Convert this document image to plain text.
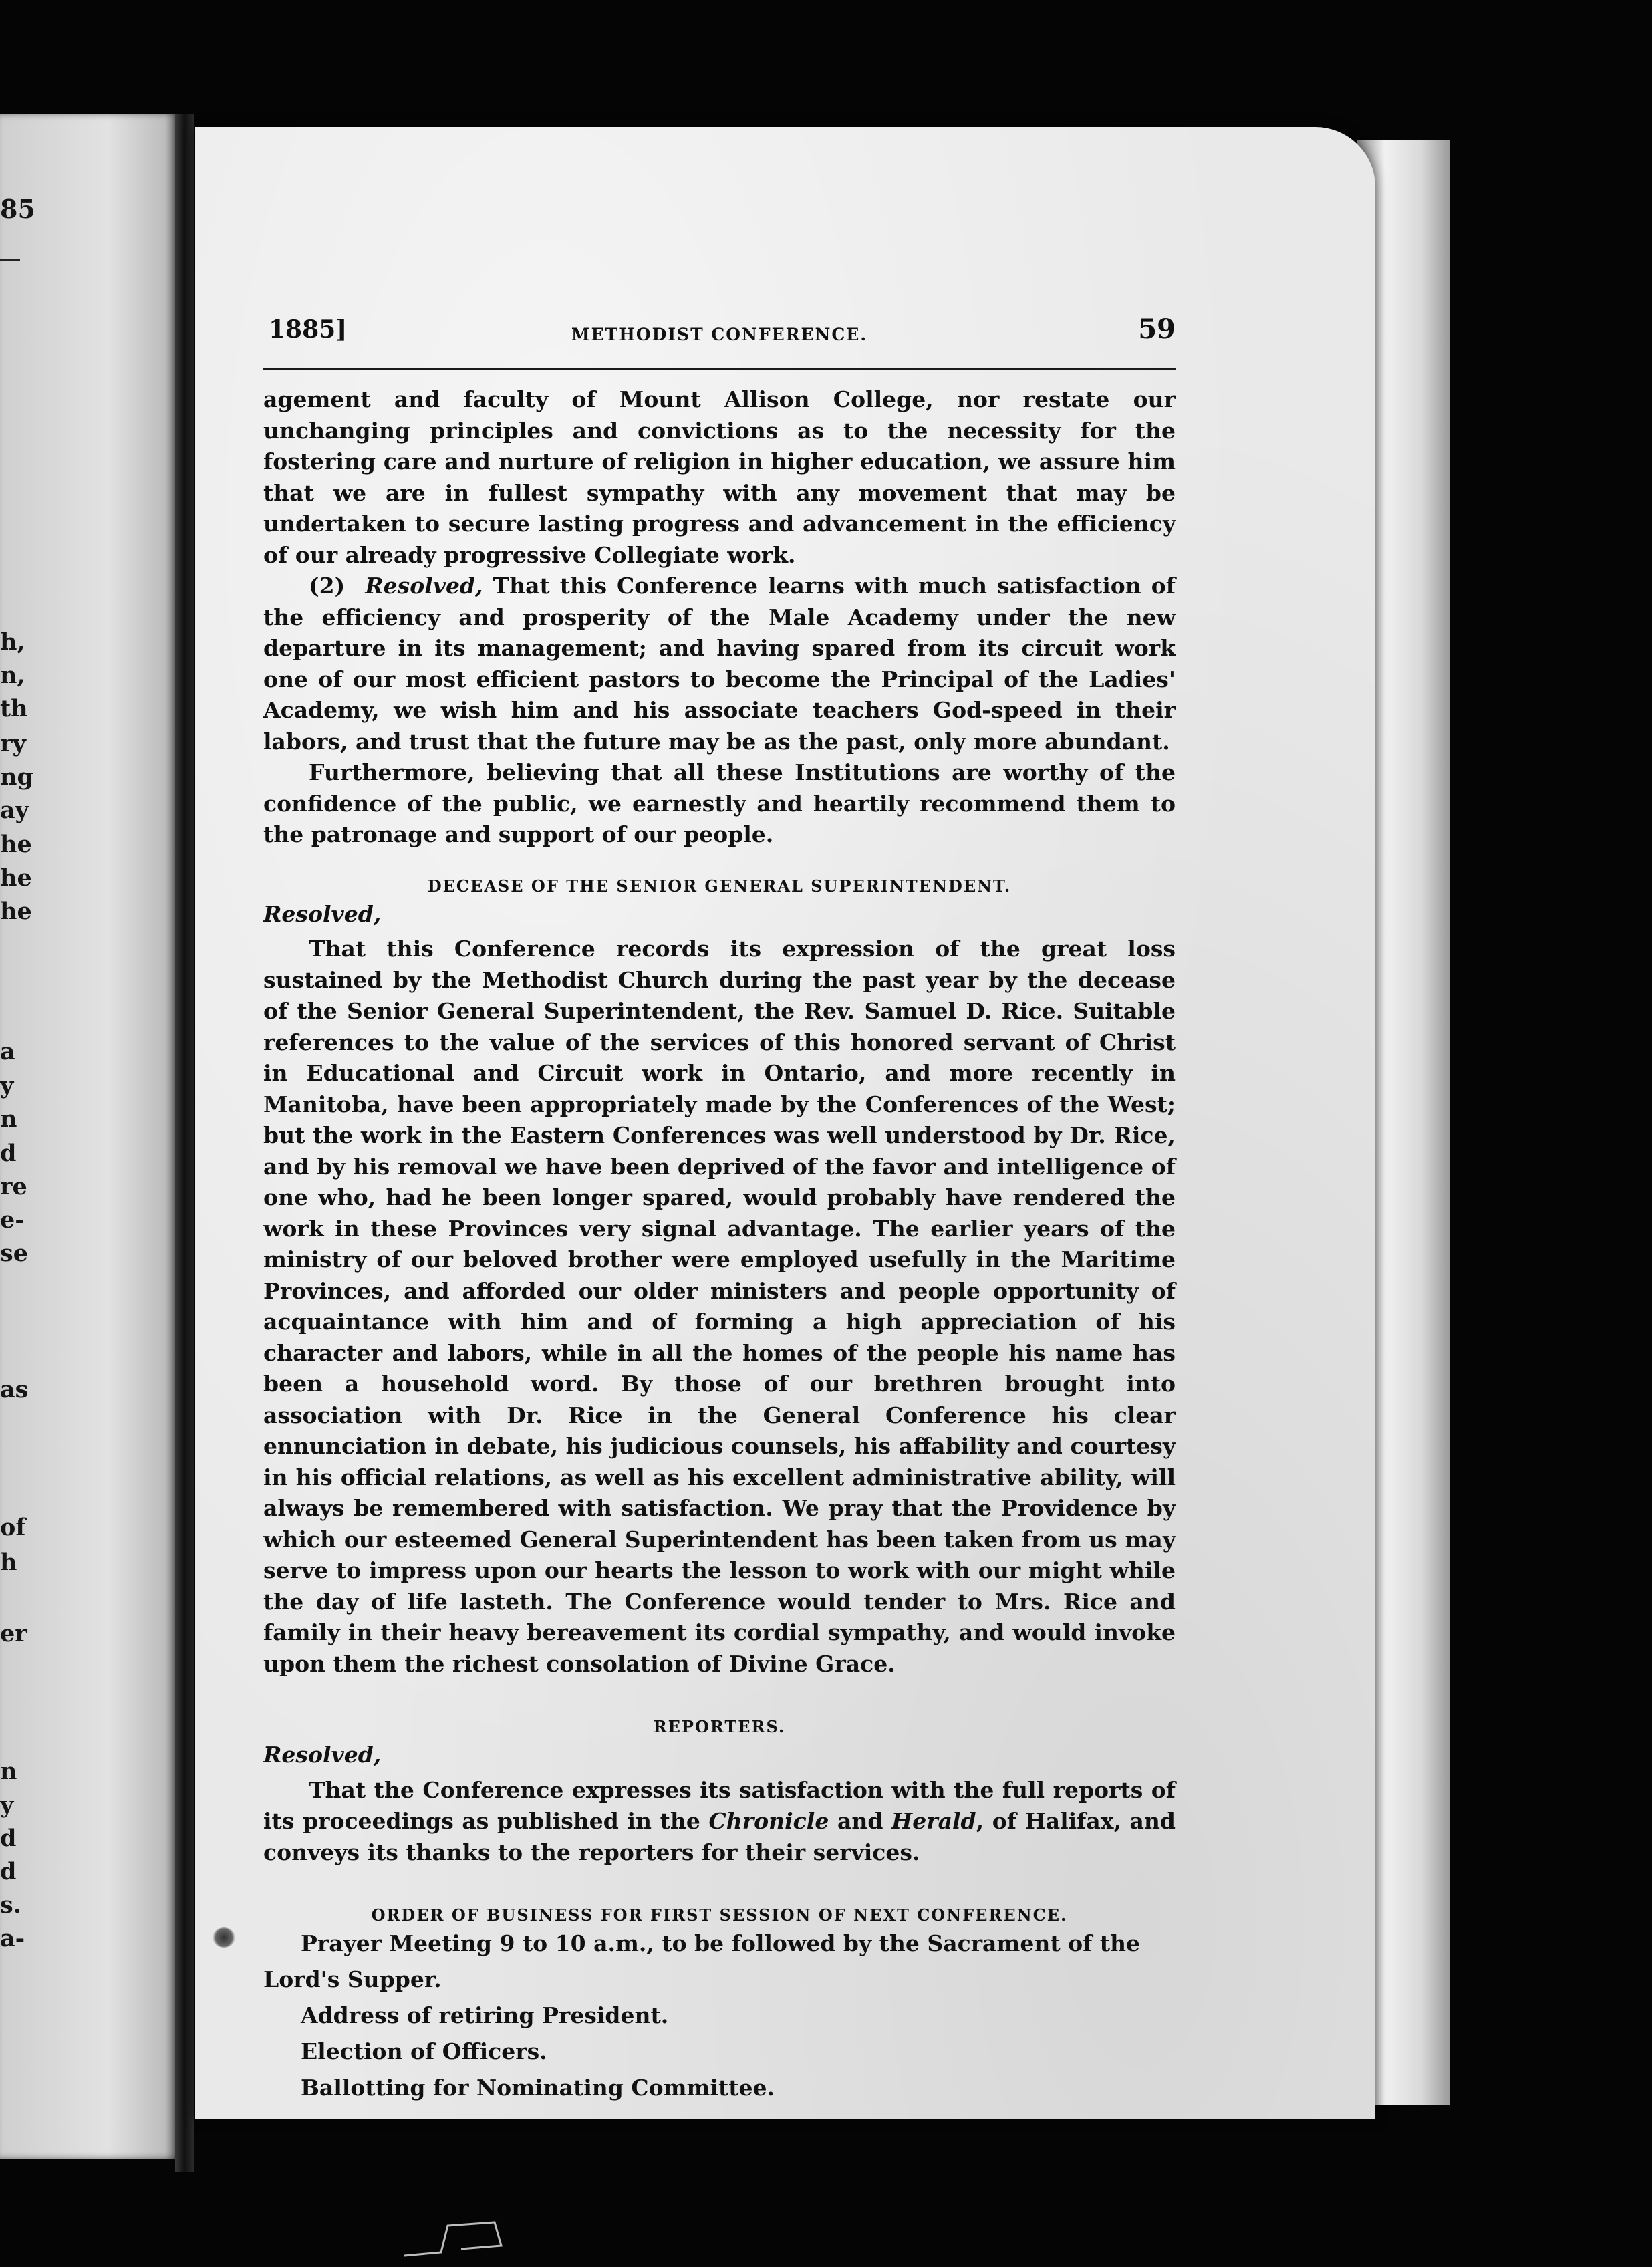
85
h,
n,
th
ry
ng
ay
he
he
he
a
y
n
d
re
e-
se
as
of
h
er
n
y
d
d
s.
a-
1885]	METHODIST CONFERENCE.	59

agement and faculty of Mount Allison College, nor restate our unchanging principles and convictions as to the necessity for the fostering care and nurture of religion in higher education, we assure him that we are in fullest sympathy with any movement that may be undertaken to secure lasting progress and advancement in the efficiency of our already progressive Collegiate work.

(2) Resolved, That this Conference learns with much satisfaction of the efficiency and prosperity of the Male Academy under the new departure in its management; and having spared from its circuit work one of our most efficient pastors to become the Principal of the Ladies' Academy, we wish him and his associate teachers God-speed in their labors, and trust that the future may be as the past, only more abundant.

Furthermore, believing that all these Institutions are worthy of the confidence of the public, we earnestly and heartily recommend them to the patronage and support of our people.

DECEASE OF THE SENIOR GENERAL SUPERINTENDENT.

Resolved,

That this Conference records its expression of the great loss sustained by the Methodist Church during the past year by the decease of the Senior General Superintendent, the Rev. Samuel D. Rice. Suitable references to the value of the services of this honored servant of Christ in Educational and Circuit work in Ontario, and more recently in Manitoba, have been appropriately made by the Conferences of the West; but the work in the Eastern Conferences was well understood by Dr. Rice, and by his removal we have been deprived of the favor and intelligence of one who, had he been longer spared, would probably have rendered the work in these Provinces very signal advantage. The earlier years of the ministry of our beloved brother were employed usefully in the Maritime Provinces, and afforded our older ministers and people opportunity of acquaintance with him and of forming a high appreciation of his character and labors, while in all the homes of the people his name has been a household word. By those of our brethren brought into association with Dr. Rice in the General Conference his clear ennunciation in debate, his judicious counsels, his affability and courtesy in his official relations, as well as his excellent administrative ability, will always be remembered with satisfaction. We pray that the Providence by which our esteemed General Superintendent has been taken from us may serve to impress upon our hearts the lesson to work with our might while the day of life lasteth. The Conference would tender to Mrs. Rice and family in their heavy bereavement its cordial sympathy, and would invoke upon them the richest consolation of Divine Grace.

REPORTERS.

Resolved,

That the Conference expresses its satisfaction with the full reports of its proceedings as published in the Chronicle and Herald, of Halifax, and conveys its thanks to the reporters for their services.

ORDER OF BUSINESS FOR FIRST SESSION OF NEXT CONFERENCE.

Prayer Meeting 9 to 10 a.m., to be followed by the Sacrament of the Lord's Supper.

Address of retiring President.

Election of Officers.

Ballotting for Nominating Committee.
